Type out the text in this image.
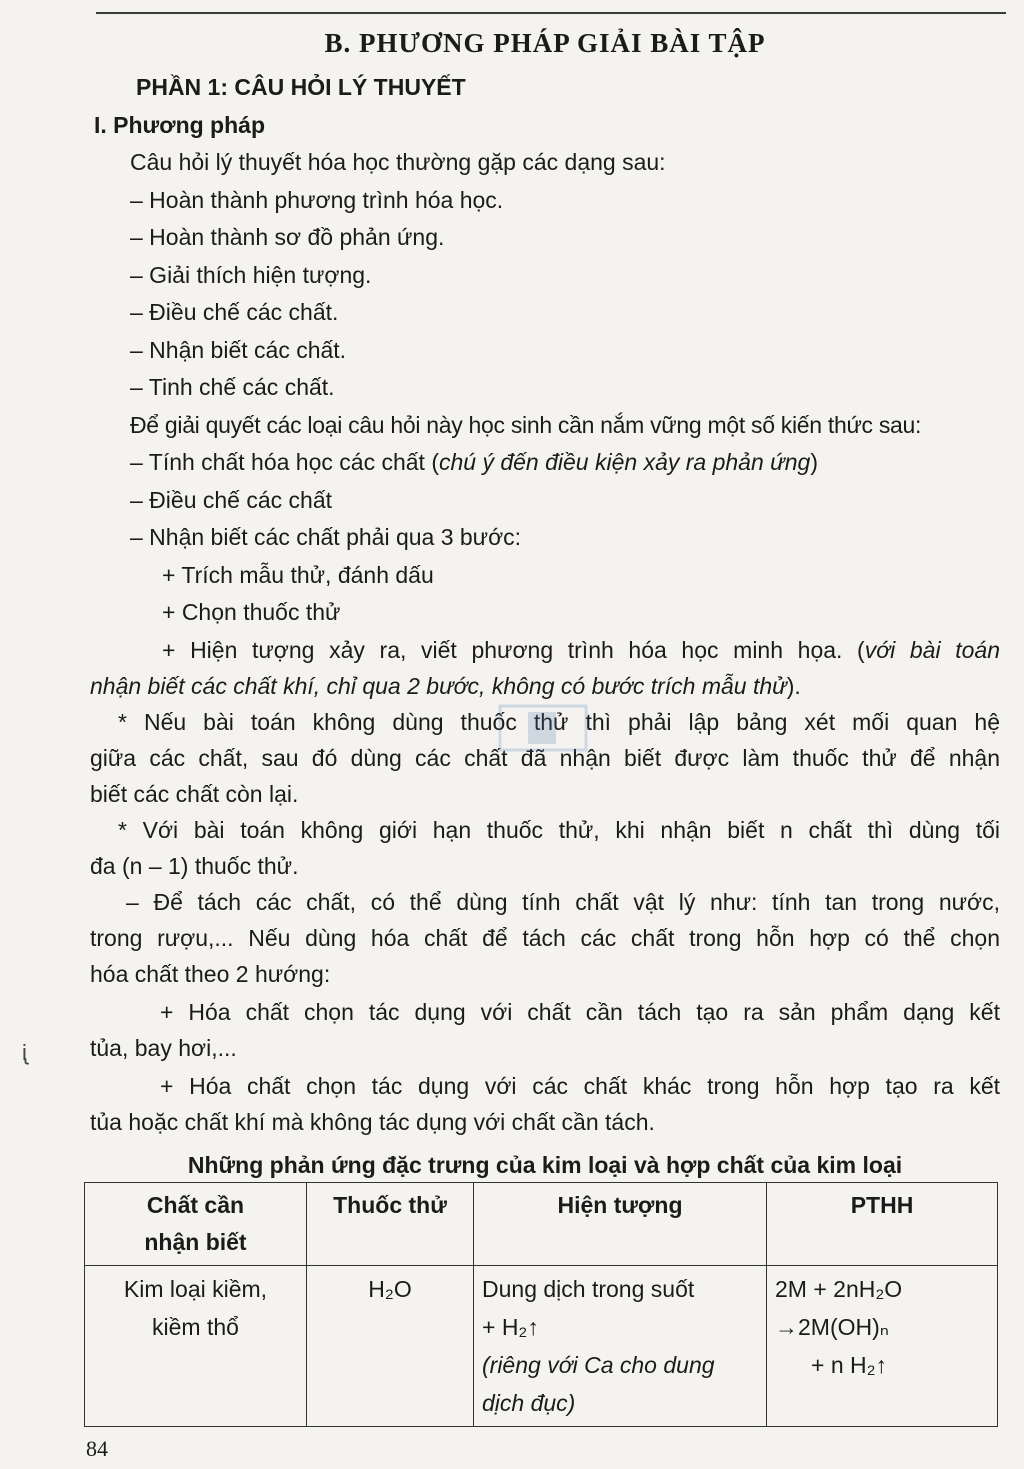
ᶖ
B. PHƯƠNG PHÁP GIẢI BÀI TẬP
PHẦN 1: CÂU HỎI LÝ THUYẾT
I. Phương pháp
Câu hỏi lý thuyết hóa học thường gặp các dạng sau:
– Hoàn thành phương trình hóa học.
– Hoàn thành sơ đồ phản ứng.
– Giải thích hiện tượng.
– Điều chế các chất.
– Nhận biết các chất.
– Tinh chế các chất.
Để giải quyết các loại câu hỏi này học sinh cần nắm vững một số kiến thức sau:
– Tính chất hóa học các chất (chú ý đến điều kiện xảy ra phản ứng)
– Điều chế các chất
– Nhận biết các chất phải qua 3 bước:
+ Trích mẫu thử, đánh dấu
+ Chọn thuốc thử
+ Hiện tượng xảy ra, viết phương trình hóa học minh họa. (với bài toán
nhận biết các chất khí, chỉ qua 2 bước, không có bước trích mẫu thử).
* Nếu bài toán không dùng thuốc thử thì phải lập bảng xét mối quan hệ
giữa các chất, sau đó dùng các chất đã nhận biết được làm thuốc thử để nhận
biết các chất còn lại.
* Với bài toán không giới hạn thuốc thử, khi nhận biết n chất thì dùng tối
đa (n – 1) thuốc thử.
– Để tách các chất, có thể dùng tính chất vật lý như: tính tan trong nước,
trong rượu,... Nếu dùng hóa chất để tách các chất trong hỗn hợp có thể chọn
hóa chất theo 2 hướng:
+ Hóa chất chọn tác dụng với chất cần tách tạo ra sản phẩm dạng kết
tủa, bay hơi,...
+ Hóa chất chọn tác dụng với các chất khác trong hỗn hợp tạo ra kết
tủa hoặc chất khí mà không tác dụng với chất cần tách.
Những phản ứng đặc trưng của kim loại và hợp chất của kim loại
Chất cần
nhận biết	Thuốc thử	Hiện tượng	PTHH
Kim loại kiềm,
kiềm thổ	H₂O	Dung dịch trong suốt
+ H₂↑
(riêng với Ca cho dung
dịch đục)	2M + 2nH₂O
→2M(OH)ₙ
+ n H₂↑
84
